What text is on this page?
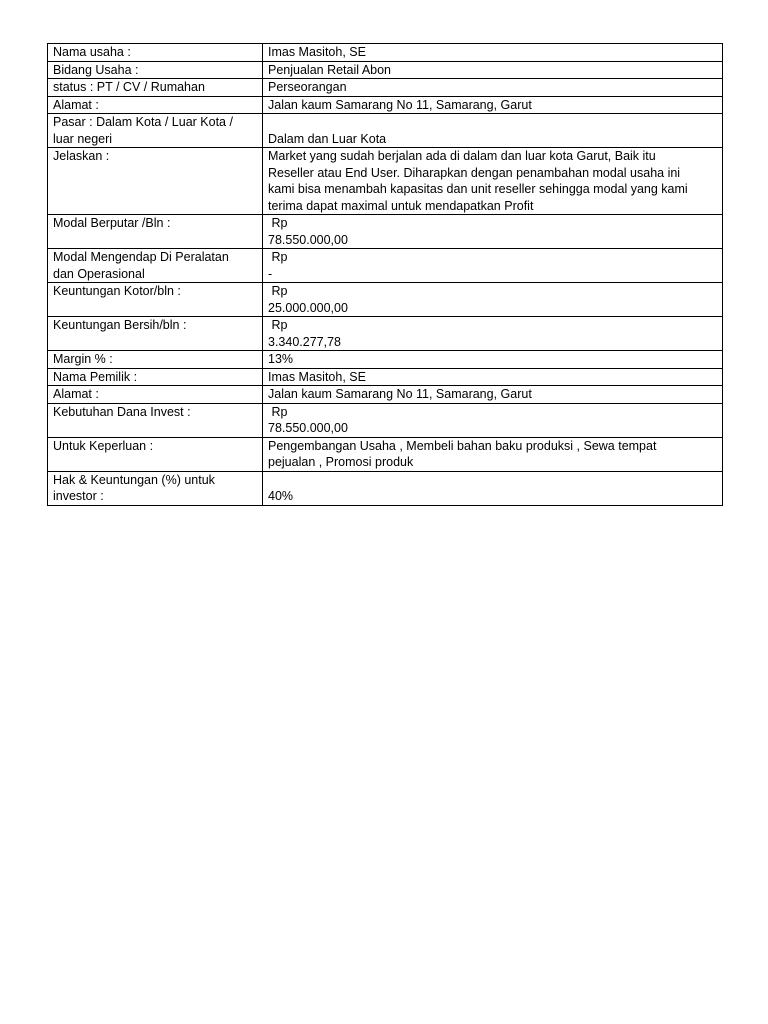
Nama usaha :	Imas Masitoh, SE

Bidang Usaha :	Penjualan Retail Abon

status : PT / CV / Rumahan	Perseorangan

Alamat :	Jalan kaum Samarang No 11, Samarang, Garut

Pasar : Dalam Kota / Luar Kota /
luar negeri	Dalam dan Luar Kota

Jelaskan :	Market yang sudah berjalan ada di dalam dan luar kota Garut, Baik itu
Reseller atau End User. Diharapkan dengan penambahan modal usaha ini
kami bisa menambah kapasitas dan unit reseller sehingga modal yang kami
terima dapat maximal untuk mendapatkan Profit

Modal Berputar /Bln :	Rp
78.550.000,00

Modal Mengendap Di Peralatan
dan Operasional	Rp
-

Keuntungan Kotor/bln :	Rp
25.000.000,00

Keuntungan Bersih/bln :	Rp
3.340.277,78

Margin % :	13%

Nama Pemilik :	Imas Masitoh, SE

Alamat :	Jalan kaum Samarang No 11, Samarang, Garut

Kebutuhan Dana Invest :	Rp
78.550.000,00

Untuk Keperluan :	Pengembangan Usaha , Membeli bahan baku produksi , Sewa tempat
pejualan , Promosi produk

Hak & Keuntungan (%) untuk
investor :	40%
